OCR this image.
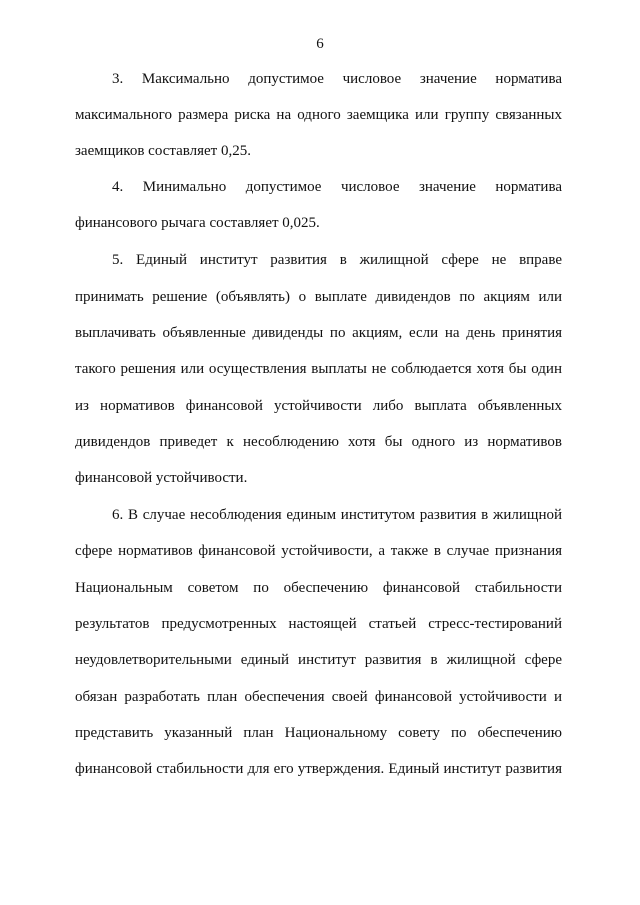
6
3. Максимально допустимое числовое значение норматива
максимального размера риска на одного заемщика или группу связанных
заемщиков составляет 0,25.
4. Минимально допустимое числовое значение норматива
финансового рычага составляет 0,025.
5. Единый институт развития в жилищной сфере не вправе
принимать решение (объявлять) о выплате дивидендов по акциям или
выплачивать объявленные дивиденды по акциям, если на день принятия
такого решения или осуществления выплаты не соблюдается хотя бы один
из нормативов финансовой устойчивости либо выплата объявленных
дивидендов приведет к несоблюдению хотя бы одного из нормативов
финансовой устойчивости.
6. В случае несоблюдения единым институтом развития в жилищной
сфере нормативов финансовой устойчивости, а также в случае признания
Национальным советом по обеспечению финансовой стабильности
результатов предусмотренных настоящей статьей стресс-тестирований
неудовлетворительными единый институт развития в жилищной сфере
обязан разработать план обеспечения своей финансовой устойчивости и
представить указанный план Национальному совету по обеспечению
финансовой стабильности для его утверждения. Единый институт развития
